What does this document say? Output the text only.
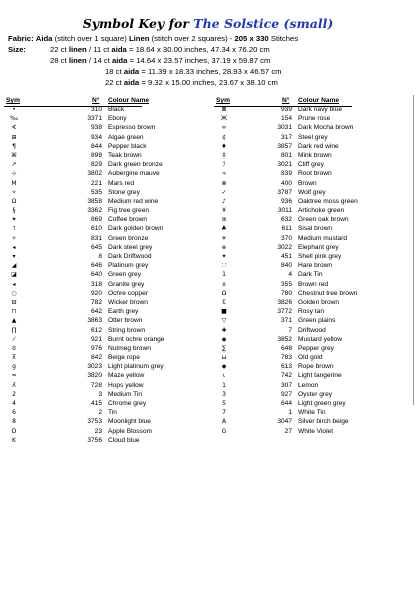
Symbol Key for The Solstice (small)
Fabric: Aida (stitch over 1 square) Linen (stitch over 2 squares) - 205 x 330 Stitches
Size:	22 ct linen / 11 ct aida = 18.64 x 30.00 inches, 47.34 x 76.20 cm
28 ct linen / 14 ct aida = 14.64 x 23.57 inches, 37.19 x 59.87 cm
18 ct aida = 11.39 x 18.33 inches, 28.93 x 46.57 cm
22 ct aida = 9.32 x 15.00 inches, 23.67 x 38.10 cm
Sym	N° Colour Name
•	310 Black
‰	3371 Ebony
∢	938 Espresso brown
⊞	934 Algae green
¶	844 Pepper black
⌘	898 Teak brown
↗	829 Dark green bronze
⊹	3802 Aubergine mauve
M	221 Mars red
✧	535 Stone grey
Ω	3858 Medium red wine
§	3362 Fig tree green
✦	869 Coffee brown
˥	610 Dark golden brown
✧	831 Green bronze
◂	645 Dark steel grey
▾	8 Dark Driftwood
◢	646 Platinum grey
◪	640 Green grey
◂	318 Granite grey
○	920 Ochre copper
ϖ	782 Wicker brown
⊓	642 Earth grey
▲	3863 Otter brown
∏	612 String brown
⁄	921 Burnt ochre orange
ʊ	976 Nutmeg brown
⊼	842 Beige rope
g	3023 Light platinum grey
≈	3820 Maze yellow
ʎ	728 Hops yellow
2	3 Medium Tin
4	415 Chrome grey
6	2 Tin
8	3753 Moonlight blue
D	23 Apple Blossom
K	3756 Cloud blue
Sym	N° Colour Name
⊠	939 Dark navy blue
Ж	154 Prune rose
∞	3031 Dark Mocha brown
¢	317 Steel grey
♦	3857 Dark red wine
‡	801 Mink brown
ℐ	3021 Cliff grey
∻	839 Root brown
⊗	400 Brown
✓	3787 Wolf grey
♪	936 Oaktree moss green
¥	3011 Artichoke green
⊛	632 Green oak brown
♣	611 Sisal brown
☀	370 Medium mustard
ɵ	3022 Elephant grey
✦	451 Shell pink grey
∷	840 Hare brown
1	4 Dark Tin
x	355 Brown red
Ω	780 Chestnut tree brown
Ɛ	3826 Golden brown
■	3772 Rosy tan
▽	371 Green plains
✚	7 Driftwood
◆	3852 Mustard yellow
∑	648 Pepper grey
ω	783 Old gold
◆	613 Rope brown
ɩ	742 Light tangerine
1	307 Lemon
3	927 Oyster grey
5	644 Light green grey
7	1 White Tin
A	3047 Silver birch beige
G	27 White Violet
